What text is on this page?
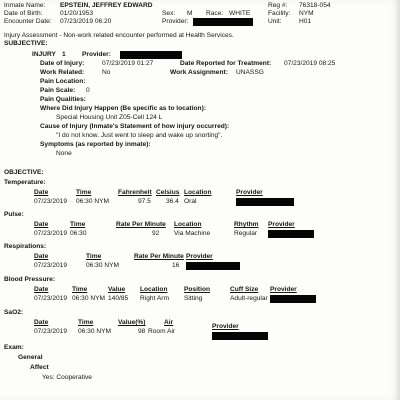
Inmate Name: EPSTEIN, JEFFREY EDWARD
Date of Birth:	01/20/1953
Encounter Date: 07/23/2019 06:20
Sex: M Race: WHITE
Provider:
Reg #: 76318-054
Facility: NYM
Unit:	H01
Injury Assessment - Non-work related encounter performed at Health Services.
SUBJECTIVE:
INJURY 1 Provider:
Date of Injury:	07/23/2019 01:27	Date Reported for Treatment: 07/23/2019 08:25
Work Related:	No	Work Assignment: UNASSG
Pain Location:
Pain Scale: 0
Pain Qualities:
Where Did Injury Happen (Be specific as to location):
Special Housing Unit Z05-Cell 124 L
Cause of Injury (Inmate's Statement of how injury occurred):
"I do not know. Just went to sleep and wake up snorting".
Symptoms (as reported by inmate):
None
OBJECTIVE:
Temperature:
Date	Time	Fahrenheit Celsius Location	Provider
07/23/2019 06:30 NYM	97.5 36.4 Oral
Pulse:
Date	Time	Rate Per Minute Location	Rhythm Provider
07/23/2019 06:30	92 Via Machine	Regular
Respirations:
Date	Time	Rate Per Minute Provider
07/23/2019	06:30 NYM	16
Blood Pressure:
Date	Time	Value Location	Position	Cuff Size Provider
07/23/2019 06:30 NYM 140/85 Right Arm Sitting	Adult-regular
SaO2:
Date	Time	Value(%)	Air
Provider
07/23/2019 06:30 NYM	98 Room Air
Exam:
General
Affect
Yes: Cooperative
